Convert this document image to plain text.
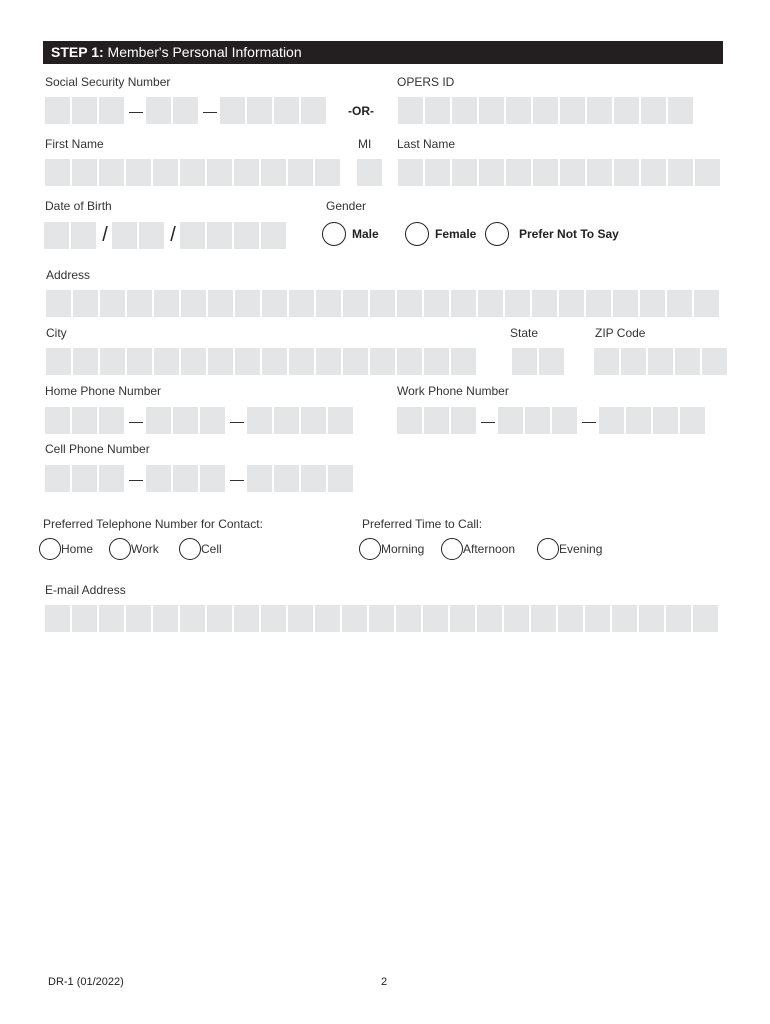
STEP 1: Member's Personal Information
Social Security Number
—	—	-OR-
OPERS ID
First Name	MI Last Name
Date of Birth
/	/
Gender
Male	Female	Prefer Not To Say
Address
City	State	ZIP Code
Home Phone Number
—	—
Work Phone Number
—	—
Cell Phone Number
—	—
Preferred Telephone Number for Contact:
Home	Work	Cell
Preferred Time to Call:
Morning	Afternoon	Evening
E-mail Address
DR-1 (01/2022)	2
